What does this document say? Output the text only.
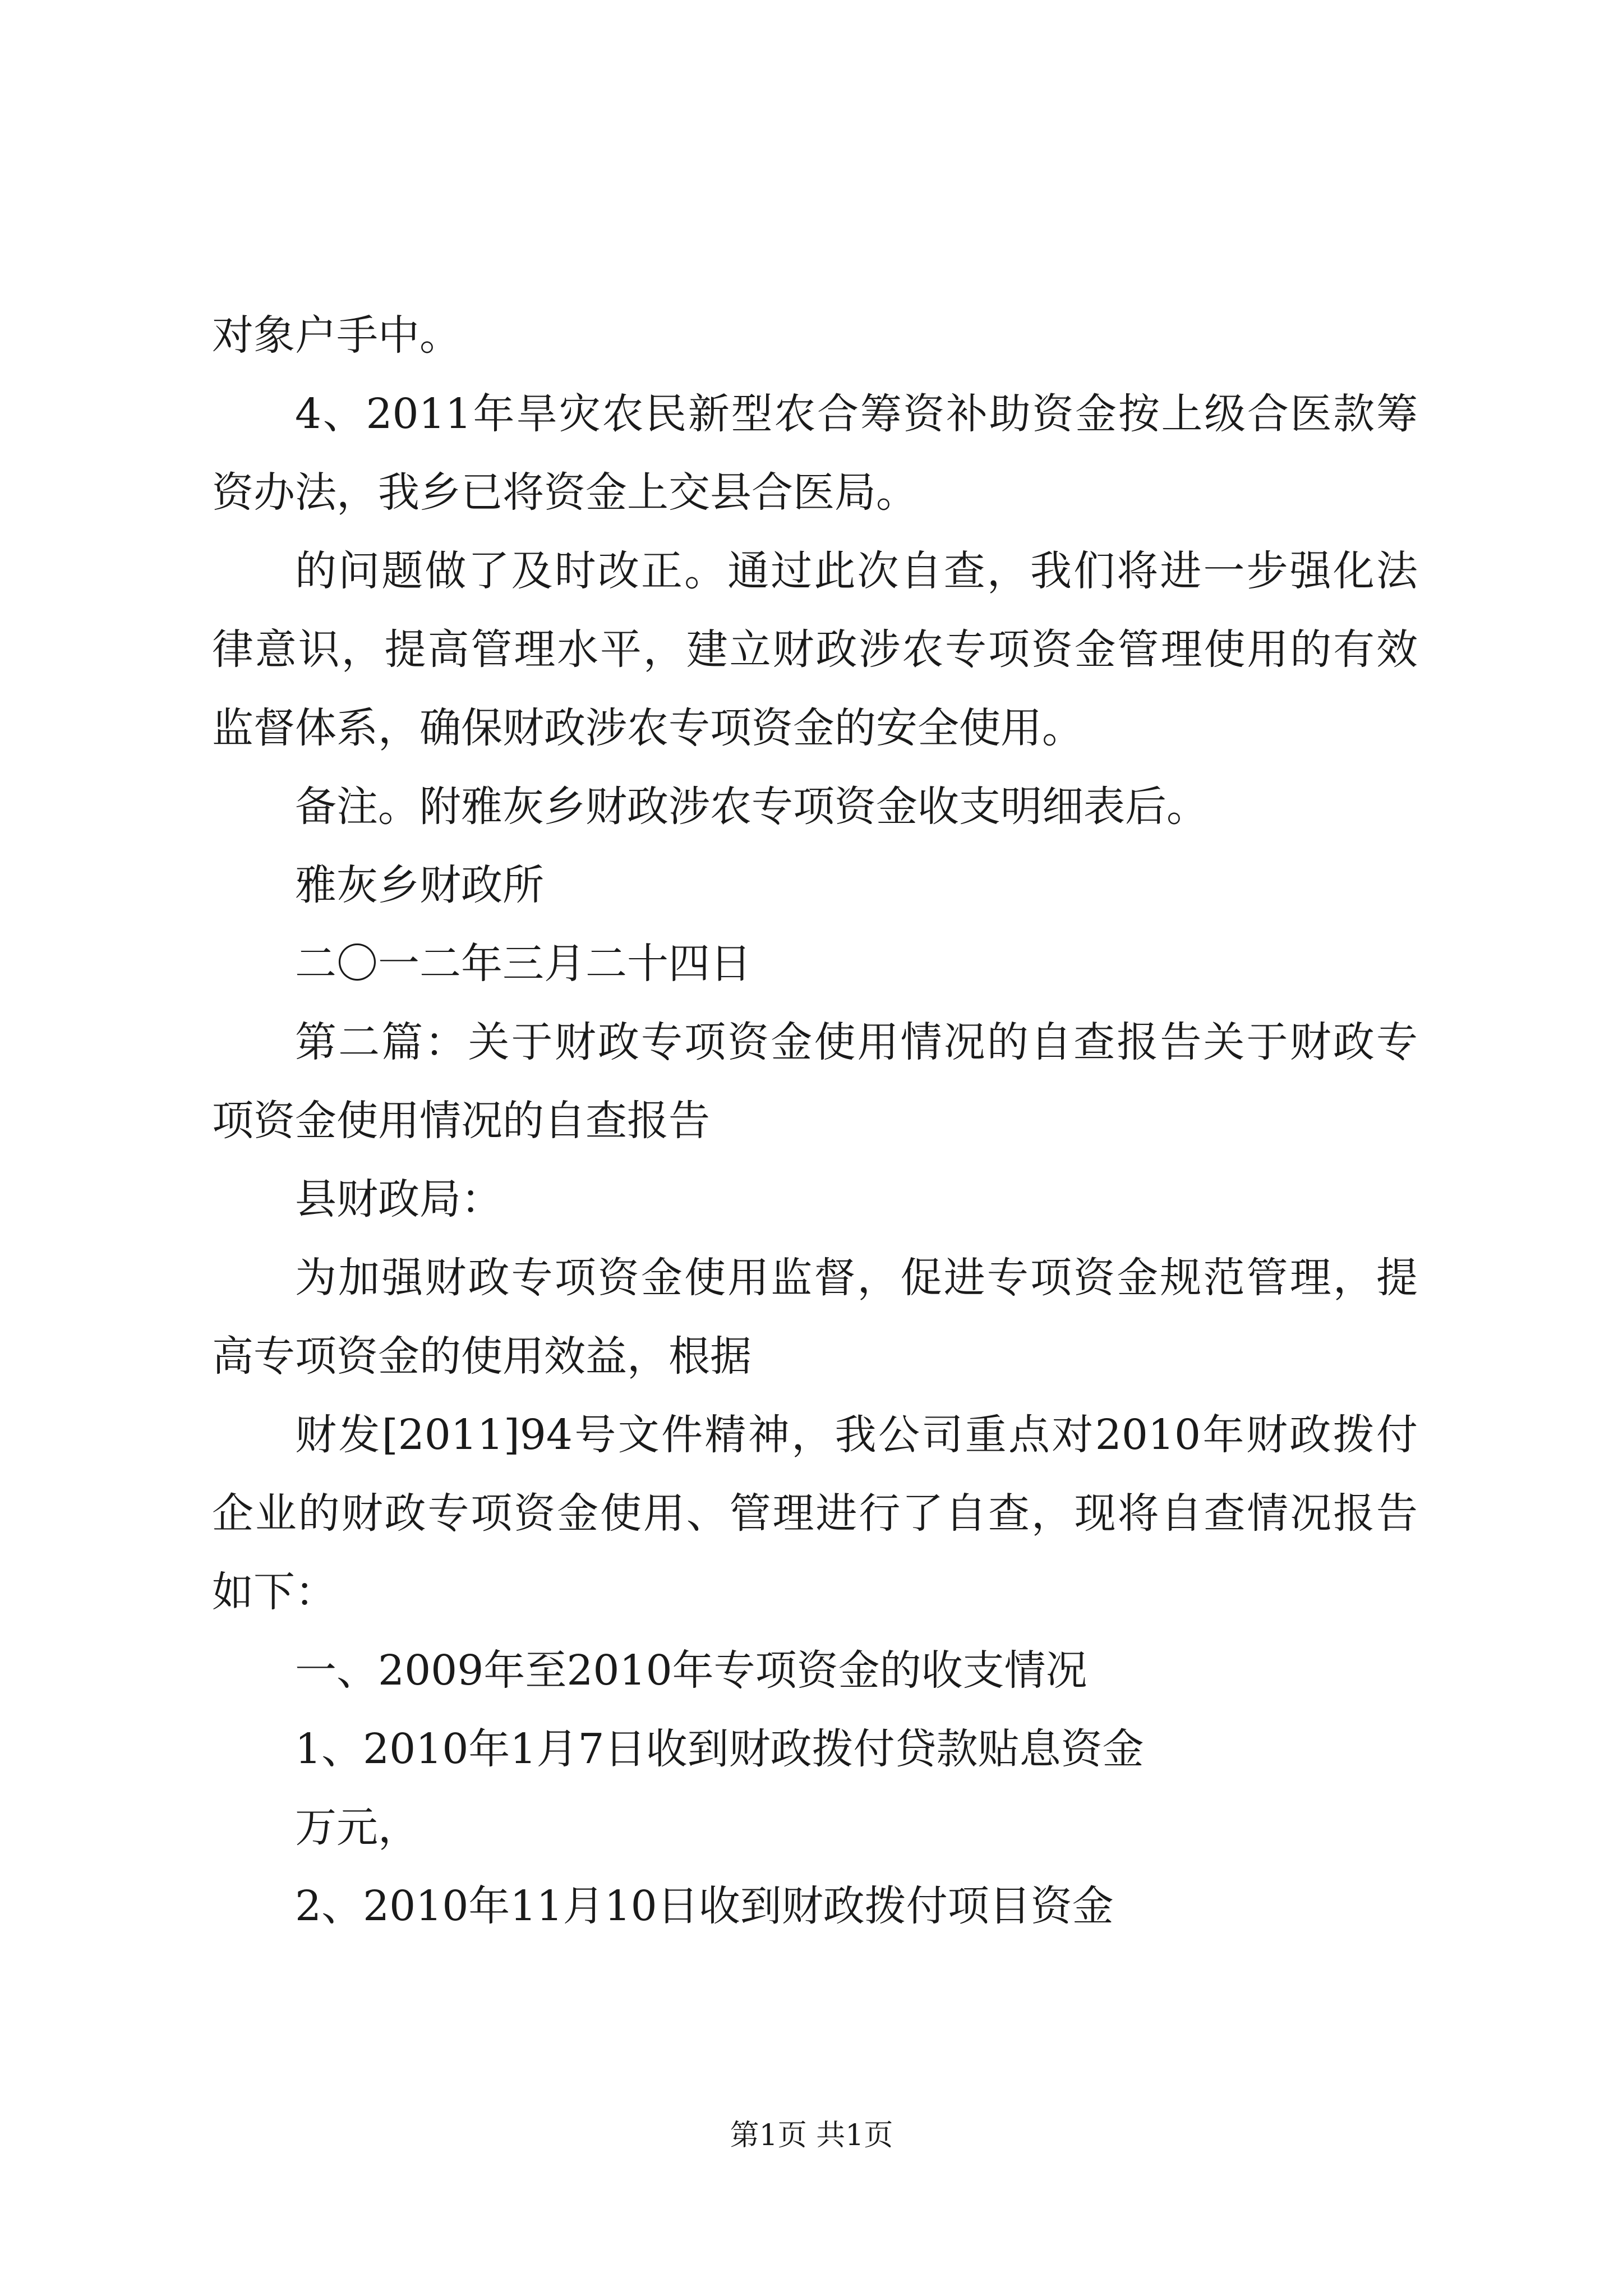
对象户手中。
4、2011年旱灾农民新型农合筹资补助资金按上级合医款筹
资办法，我乡已将资金上交县合医局。
的问题做了及时改正。通过此次自查，我们将进一步强化法
律意识，提高管理水平，建立财政涉农专项资金管理使用的有效
监督体系，确保财政涉农专项资金的安全使用。
备注。附雅灰乡财政涉农专项资金收支明细表后。
雅灰乡财政所
二〇一二年三月二十四日
第二篇：关于财政专项资金使用情况的自查报告关于财政专
项资金使用情况的自查报告
县财政局：
为加强财政专项资金使用监督，促进专项资金规范管理，提
高专项资金的使用效益，根据
财发[2011]94号文件精神，我公司重点对2010年财政拨付
企业的财政专项资金使用、管理进行了自查，现将自查情况报告
如下：
一、2009年至2010年专项资金的收支情况
1、2010年1月7日收到财政拨付贷款贴息资金
万元，
2、2010年11月10日收到财政拨付项目资金
第1页 共1页
